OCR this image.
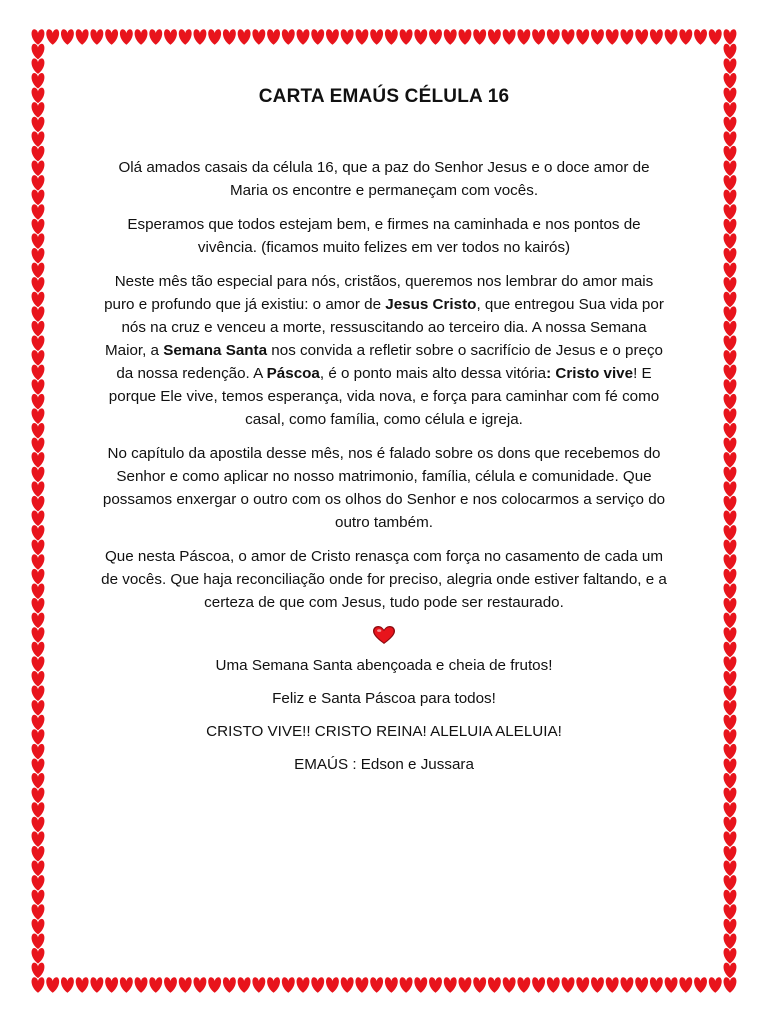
CARTA EMAÚS CÉLULA 16

Olá amados casais da célula 16, que a paz do Senhor Jesus e o doce amor de Maria os encontre e permaneçam com vocês.

Esperamos que todos estejam bem, e firmes na caminhada e nos pontos de vivência. (ficamos muito felizes em ver todos no kairós)

Neste mês tão especial para nós, cristãos, queremos nos lembrar do amor mais puro e profundo que já existiu: o amor de Jesus Cristo, que entregou Sua vida por nós na cruz e venceu a morte, ressuscitando ao terceiro dia. A nossa Semana Maior, a Semana Santa nos convida a refletir sobre o sacrifício de Jesus e o preço da nossa redenção. A Páscoa, é o ponto mais alto dessa vitória: Cristo vive! E porque Ele vive, temos esperança, vida nova, e força para caminhar com fé como casal, como família, como célula e igreja.

No capítulo da apostila desse mês, nos é falado sobre os dons que recebemos do Senhor e como aplicar no nosso matrimonio, família, célula e comunidade. Que possamos enxergar o outro com os olhos do Senhor e nos colocarmos a serviço do outro também.

Que nesta Páscoa, o amor de Cristo renasça com força no casamento de cada um de vocês. Que haja reconciliação onde for preciso, alegria onde estiver faltando, e a certeza de que com Jesus, tudo pode ser restaurado.

Uma Semana Santa abençoada e cheia de frutos!
Feliz e Santa Páscoa para todos!
CRISTO VIVE!! CRISTO REINA! ALELUIA ALELUIA!
EMAÚS : Edson e Jussara
